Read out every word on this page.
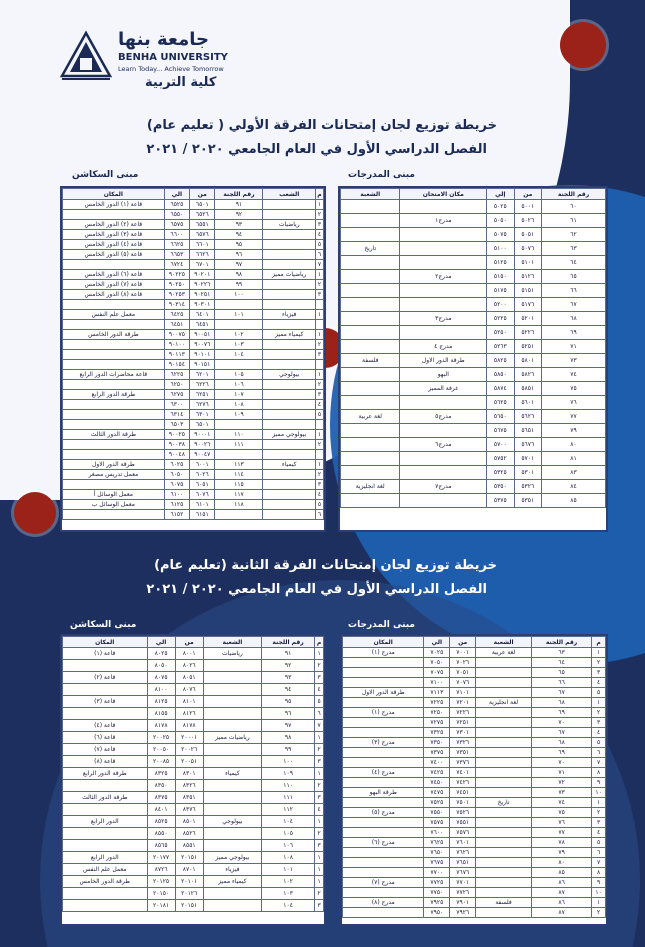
جامعة بنها
BENHA UNIVERSITY
Learn Today... Achieve Tomorrow
كلية التربية
خريطة توزيع لجان إمتحانات الفرقة الأولي ( تعليم عام)
الفصل الدراسي الأول في العام الجامعي ٢٠٢٠ / ٢٠٢١
مبنى المدرجات
مبنى السكاشن
رقم اللجنة	من	إلي	مكان الامتحان	الشعبة
٦٠	٥٠٠١	٥٠٢٥		
٦١	٥٠٢٦	٥٠٥٠	مدرج١	
٦٢	٥٠٥١	٥٠٧٥		
٦٣	٥٠٧٦	٥١٠٠		تاريخ
٦٤	٥١٠١	٥١٢٥		
٦٥	٥١٢٦	٥١٥٠	مدرج٢	
٦٦	٥١٥١	٥١٧٥		
٦٧	٥١٧٦	٥٢٠٠		
٦٨	٥٢٠١	٥٢٢٥	مدرج٣	
٦٩	٥٢٢٦	٥٢٥٠		
٧١	٥٢٥١	٥٢٦٣	مدرج ٤	
٧٣	٥٨٠١	٥٨٢٥	طرقة الدور الاول	فلسفة
٧٤	٥٨٢٦	٥٨٥٠	البهو	
٧٥	٥٨٥١	٥٨٧٤	غرفة المميز	
٧٦	٥٦٠١	٥٦٢٥		
٧٧	٥٦٢٦	٥٦٥٠	مدرج٥	لغة عربية
٧٩	٥٦٥١	٥٦٧٥		
٨٠	٥٦٧٦	٥٧٠٠	مدرج٦	
٨١	٥٧٠١	٥٧٥٢		
٨٣	٥٣٠١	٥٣٢٥		
٨٤	٥٣٢٦	٥٣٥٠	مدرج٧	لغة انجليزية
٨٥	٥٣٥١	٥٣٧٥		
م	الشعب	رقم اللجنة	من	الي	المكان
١		٩١	٦٥٠١	٦٥٢٥	قاعة (١) الدور الخامس
٢		٩٢	٦٥٢٦	٦٥٥٠	
٣	رياضيات	٩٣	٦٥٥١	٦٥٧٥	قاعة (٢) الدور الخامس
٤		٩٤	٦٥٧٦	٦٦٠٠	قاعة (٣) الدور الخامس
٥		٩٥	٦٦٠١	٦٦٢٥	قاعة (٤) الدور الخامس
٦		٩٦	٦٦٢٦	٦٦٥٣	قاعة (٥) الدور الخامس
٧		٩٧	٦٧٠١	٦٧٢٤	
١	رياضيات مميز	٩٨	٩٠٢٠١	٩٠٢٢٥	قاعة (٦) الدور الخامس
٢		٩٩	٩٠٢٢٦	٩٠٢٥٠	قاعة (٧) الدور الخامس
٣		١٠٠	٩٠٢٥١	٩٠٢٥٣	قاعة (٨) الدور الخامس
			٩٠٣٠١	٩٠٣١٤	
١	فيزياء	١٠١	٦٤٠١	٦٤٢٥	معمل علم النفس
			٦٤٥١	٦٤٥١	
١	كيمياء مميز	١٠٢	٩٠٠٥١	٩٠٠٧٥	طرقة الدور الخامس
٢		١٠٣	٩٠٠٧٦	٩٠١٠٠	
٣		١٠٤	٩٠١٠١	٩٠١١٣	
			٩٠١٥١	٩٠١٥٤	
١	بيولوجي	١٠٥	٦٢٠١	٦٢٢٥	قاعة محاضرات الدور الرابع
٢		١٠٦	٦٢٢٦	٦٢٥٠	
٣		١٠٧	٦٢٥١	٦٢٧٥	طرقة الدور الرابع
٤		١٠٨	٦٢٧٦	٦٣٠٠	
٥		١٠٩	٦٣٠١	٦٣١٤	
			٦٥٠١	٦٥٠٣	
١	بيولوجي مميز	١١٠	٩٠٠٠١	٩٠٠٢٥	طرقة الدور الثالث
٢		١١١	٩٠٠٢٦	٩٠٠٣٨	
			٩٠٠٤٧	٩٠٠٤٨	
١	كيمياء	١١٣	٦٠٠١	٦٠٢٥	طرقة الدور الاول
٢		١١٤	٦٠٢٦	٦٠٥٠	معمل تدريس مصغر
٣		١١٥	٦٠٥١	٦٠٧٥	
٤		١١٧	٦٠٧٦	٦١٠٠	معمل الوسائل أ
٥		١١٨	٦١٠١	٦١٢٥	معمل الوسائل ب
٦			٦١٥١	٦١٥٢	
خريطة توزيع لجان إمتحانات الفرقة الثانية (تعليم عام)
الفصل الدراسي الأول في العام الجامعي ٢٠٢٠ / ٢٠٢١
مبنى المدرجات
مبنى السكاشن
م	رقم اللجنة	الشعبة	من	الي	المكان
١	٦٣	لغة عربية	٧٠٠١	٧٠٢٥	مدرج (١)
٢	٦٤		٧٠٢٦	٧٠٥٠	
٣	٦٥		٧٠٥١	٧٠٧٥	
٤	٦٦		٧٠٧٦	٧١٠٠	
٥	٦٧		٧١٠١	٧١١٣	طرقة الدور الاول
١	٦٨	لغة انجليزية	٧٢٠١	٧٢٢٥	
٢	٦٩		٧٢٢٦	٧٢٥٠	مدرج (١)
٣	٧٠		٧٢٥١	٧٢٧٥	
٤	٦٧		٧٣٠١	٧٣٢٥	
٥	٦٨		٧٣٢٦	٧٣٥٠	مدرج (٣)
٦	٦٩		٧٣٥١	٧٣٧٥	
٧	٧٠		٧٣٧٦	٧٤٠٠	
٨	٧١		٧٤٠١	٧٤٢٥	مدرج (٤)
٩	٧٢		٧٤٢٦	٧٤٥٠	
١٠	٧٣		٧٤٥١	٧٤٧٥	طرقة البهو
١	٧٤	تاريخ	٧٥٠١	٧٥٢٥	
٢	٧٥		٧٥٢٦	٧٥٥٠	مدرج (٥)
٣	٧٦		٧٥٥١	٧٥٧٥	
٤	٧٧		٧٥٧٦	٧٦٠٠	
٥	٧٨		٧٦٠١	٧٦٢٥	مدرج (٦)
٦	٧٩		٧٦٢٦	٧٦٥٠	
٧	٨٠		٧٦٥١	٧٦٧٥	
٨	٨٥		٧٦٧٦	٧٧٠٠	
٩	٨٦		٧٧٠١	٧٧٢٥	مدرج (٧)
١٠	٨٧		٧٧٢٦	٧٧٥٠	
١	٨٦	فلسفة	٧٩٠١	٧٩٢٥	مدرج (٨)
٢	٨٧		٧٩٢٦	٧٩٥٠	
م	رقم اللجنة	الشعبة	من	الي	المكان
١	٩١	رياضيات	٨٠٠١	٨٠٢٥	قاعة (١)
٢	٩٢		٨٠٢٦	٨٠٥٠	
٣	٩٣		٨٠٥١	٨٠٧٥	قاعة (٢)
٤	٩٤		٨٠٧٦	٨١٠٠	
٥	٩٥		٨١٠١	٨١٢٥	قاعة (٣)
٦	٩٦		٨١٢٦	٨١٥٥	
٧	٩٧		٨١٧٨	٨١٧٨	قاعة (٤)
١	٩٨	رياضيات مميز	٢٠٠٠١	٢٠٠٢٥	قاعة (٦)
٢	٩٩		٢٠٠٢٦	٢٠٠٥٠	قاعة (٧)
٣	١٠٠		٢٠٠٥١	٢٠٠٨٥	قاعة (٨)
١	١٠٩	كيمياء	٨٣٠١	٨٣٢٥	طرقة الدور الرابع
٢	١١٠		٨٣٢٦	٨٣٥٠	
٣	١١١		٨٣٥١	٨٣٧٥	طرقة الدور الثالث
٤	١١٢		٨٣٧٦	٨٤٠١	
١	١٠٤	بيولوجي	٨٥٠١	٨٥٢٥	الدور الرابع
٢	١٠٥		٨٥٢٦	٨٥٥٠	
٣	١٠٦		٨٥٥١	٨٥٦٥	
١	١٠٨	بيولوجي مميز	٢٠١٥١	٢٠١٧٧	الدور الرابع
١	١٠١	فيزياء	٨٧٠١	٨٧٢٦	معمل علم النفس
١	١٠٢	كيمياء مميز	٢٠١٠١	٢٠١٢٥	طرقة الدور الخامس
٢	١٠٣		٢٠١٢٦	٢٠١٥٠	
٣	١٠٤		٢٠١٥١	٢٠١٨١	
